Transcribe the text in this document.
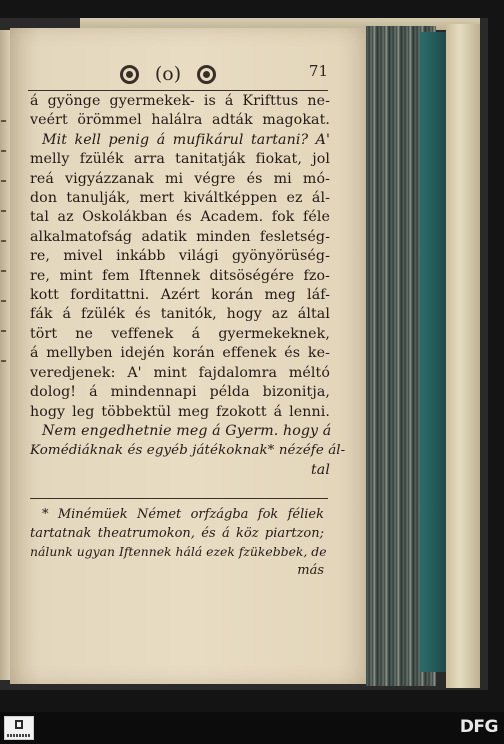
(o)	71
á gyönge gyermekek- is á Krifttus ne-
veért örömmel halálra adták magokat.
Mit kell penig á mufikárul tartani? A'
melly fzülék arra tanitatják fiokat, jol
reá vigyázzanak mi végre és mi mó-
don tanulják, mert kiváltképpen ez ál-
tal az Oskolákban és Academ. fok féle
alkalmatofság adatik minden fesletség-
re, mivel inkább világi gyönyörüség-
re, mint fem Iftennek ditsöségére fzo-
kott forditattni. Azért korán meg láf-
fák á fzülék és tanitók, hogy az által
tört ne veffenek á gyermekeknek,
á mellyben idején korán effenek és ke-
veredjenek: A' mint fajdalomra méltó
dolog! á mindennapi példa bizonitja,
hogy leg többektül meg fzokott á lenni.
Nem engedhetnie meg á Gyerm. hogy á
Komédiáknak és egyéb játékoknak* nézéfe ál-
tal
* Minémüek Német orfzágba fok féliek
tartatnak theatrumokon, és á köz piartzon;
nálunk ugyan Iftennek hálá ezek fzükebbek, de
más
DFG
